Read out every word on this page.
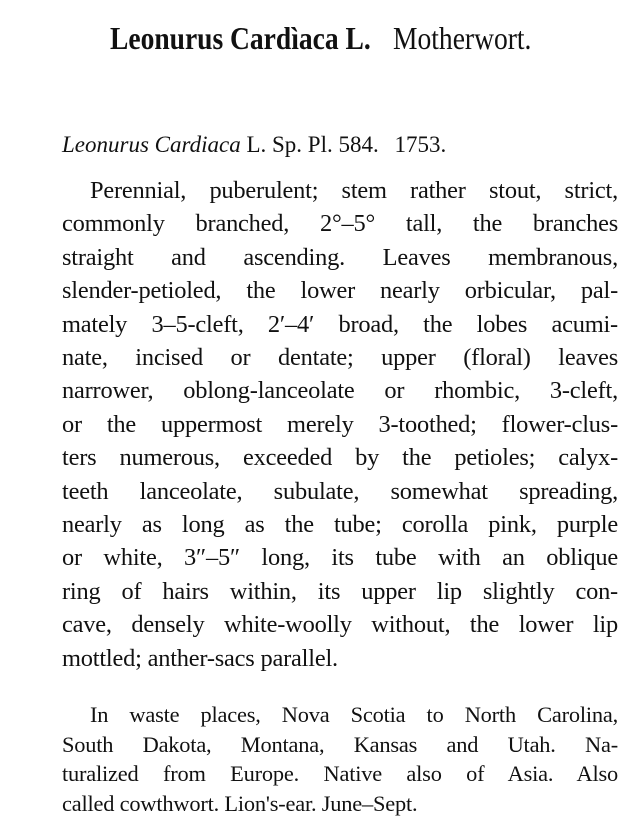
Leonurus Cardìaca L. Motherwort.

Leonurus Cardiaca L. Sp. Pl. 584. 1753.

Perennial, puberulent; stem rather stout, strict,
commonly branched, 2°–5° tall, the branches
straight and ascending. Leaves membranous,
slender-petioled, the lower nearly orbicular, pal-
mately 3–5-cleft, 2′–4′ broad, the lobes acumi-
nate, incised or dentate; upper (floral) leaves
narrower, oblong-lanceolate or rhombic, 3-cleft,
or the uppermost merely 3-toothed; flower-clus-
ters numerous, exceeded by the petioles; calyx-
teeth lanceolate, subulate, somewhat spreading,
nearly as long as the tube; corolla pink, purple
or white, 3″–5″ long, its tube with an oblique
ring of hairs within, its upper lip slightly con-
cave, densely white-woolly without, the lower lip
mottled; anther-sacs parallel.

In waste places, Nova Scotia to North Carolina,
South Dakota, Montana, Kansas and Utah. Na-
turalized from Europe. Native also of Asia. Also
called cowthwort. Lion's-ear. June–Sept.
